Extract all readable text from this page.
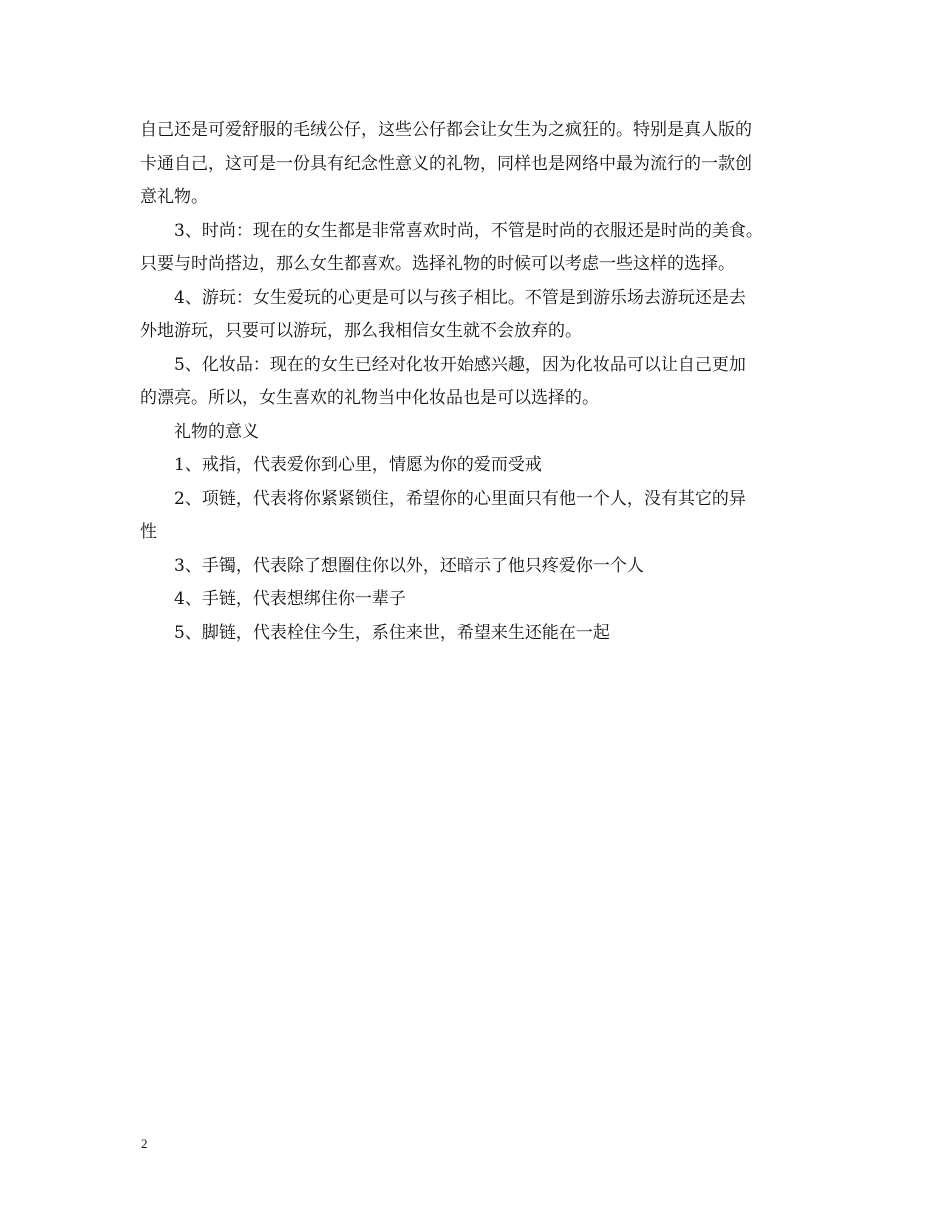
自己还是可爱舒服的毛绒公仔，这些公仔都会让女生为之疯狂的。特别是真人版的
卡通自己，这可是一份具有纪念性意义的礼物，同样也是网络中最为流行的一款创
意礼物。
3、时尚：现在的女生都是非常喜欢时尚，不管是时尚的衣服还是时尚的美食。
只要与时尚搭边，那么女生都喜欢。选择礼物的时候可以考虑一些这样的选择。
4、游玩：女生爱玩的心更是可以与孩子相比。不管是到游乐场去游玩还是去
外地游玩，只要可以游玩，那么我相信女生就不会放弃的。
5、化妆品：现在的女生已经对化妆开始感兴趣，因为化妆品可以让自己更加
的漂亮。所以，女生喜欢的礼物当中化妆品也是可以选择的。
礼物的意义
1、戒指，代表爱你到心里，情愿为你的爱而受戒
2、项链，代表将你紧紧锁住，希望你的心里面只有他一个人，没有其它的异
性
3、手镯，代表除了想圈住你以外，还暗示了他只疼爱你一个人
4、手链，代表想绑住你一辈子
5、脚链，代表栓住今生，系住来世，希望来生还能在一起
2
